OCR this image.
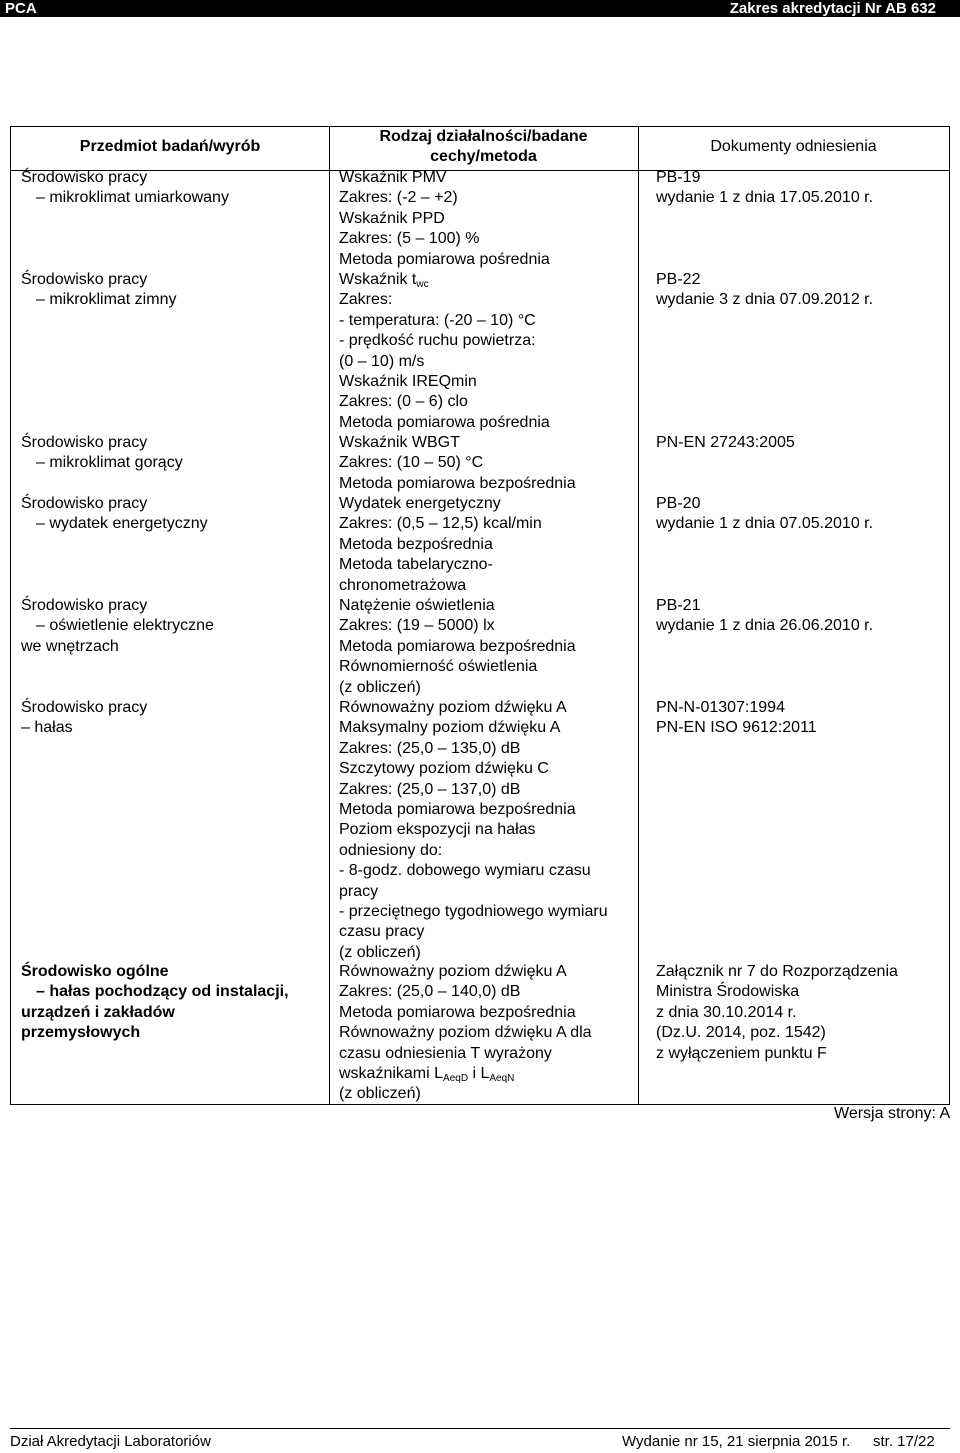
PCA	Zakres akredytacji Nr AB 632
Przedmiot badań/wyrób
Rodzaj działalności/badane
cechy/metoda
Dokumenty odniesienia
Środowisko pracy
– mikroklimat umiarkowany
Wskaźnik PMV
Zakres: (-2 – +2)
Wskaźnik PPD
Zakres: (5 – 100) %
Metoda pomiarowa pośrednia
PB-19
wydanie 1 z dnia 17.05.2010 r.
Środowisko pracy
– mikroklimat zimny
Wskaźnik $t_{wc}$
Zakres:
- temperatura: (-20 – 10) °C
- prędkość ruchu powietrza:
(0 – 10) m/s
Wskaźnik IREQmin
Zakres: (0 – 6) clo
Metoda pomiarowa pośrednia
PB-22
wydanie 3 z dnia 07.09.2012 r.
Środowisko pracy
– mikroklimat gorący
Wskaźnik WBGT
Zakres: (10 – 50) °C
Metoda pomiarowa bezpośrednia
PN-EN 27243:2005
Środowisko pracy
– wydatek energetyczny
Wydatek energetyczny
Zakres: (0,5 – 12,5) kcal/min
Metoda bezpośrednia
Metoda tabelaryczno-
chronometrażowa
PB-20
wydanie 1 z dnia 07.05.2010 r.
Środowisko pracy
– oświetlenie elektryczne
we wnętrzach
Natężenie oświetlenia
Zakres: (19 – 5000) lx
Metoda pomiarowa bezpośrednia
Równomierność oświetlenia
(z obliczeń)
PB-21
wydanie 1 z dnia 26.06.2010 r.
Środowisko pracy
– hałas
Równoważny poziom dźwięku A
Maksymalny poziom dźwięku A
Zakres: (25,0 – 135,0) dB
Szczytowy poziom dźwięku C
Zakres: (25,0 – 137,0) dB
Metoda pomiarowa bezpośrednia
Poziom ekspozycji na hałas
odniesiony do:
- 8-godz. dobowego wymiaru czasu
pracy
- przeciętnego tygodniowego wymiaru
czasu pracy
(z obliczeń)
PN-N-01307:1994
PN-EN ISO 9612:2011
Środowisko ogólne
– hałas pochodzący od instalacji,
urządzeń i zakładów
przemysłowych
Równoważny poziom dźwięku A
Zakres: (25,0 – 140,0) dB
Metoda pomiarowa bezpośrednia
Równoważny poziom dźwięku A dla
czasu odniesienia T wyrażony
wskaźnikami $L_{AeqD}$ i $L_{AeqN}$
(z obliczeń)
Załącznik nr 7 do Rozporządzenia
Ministra Środowiska
z dnia 30.10.2014 r.
(Dz.U. 2014, poz. 1542)
z wyłączeniem punktu F
Wersja strony: A
Dział Akredytacji Laboratoriów	Wydanie nr 15, 21 sierpnia 2015 r. str. 17/22
